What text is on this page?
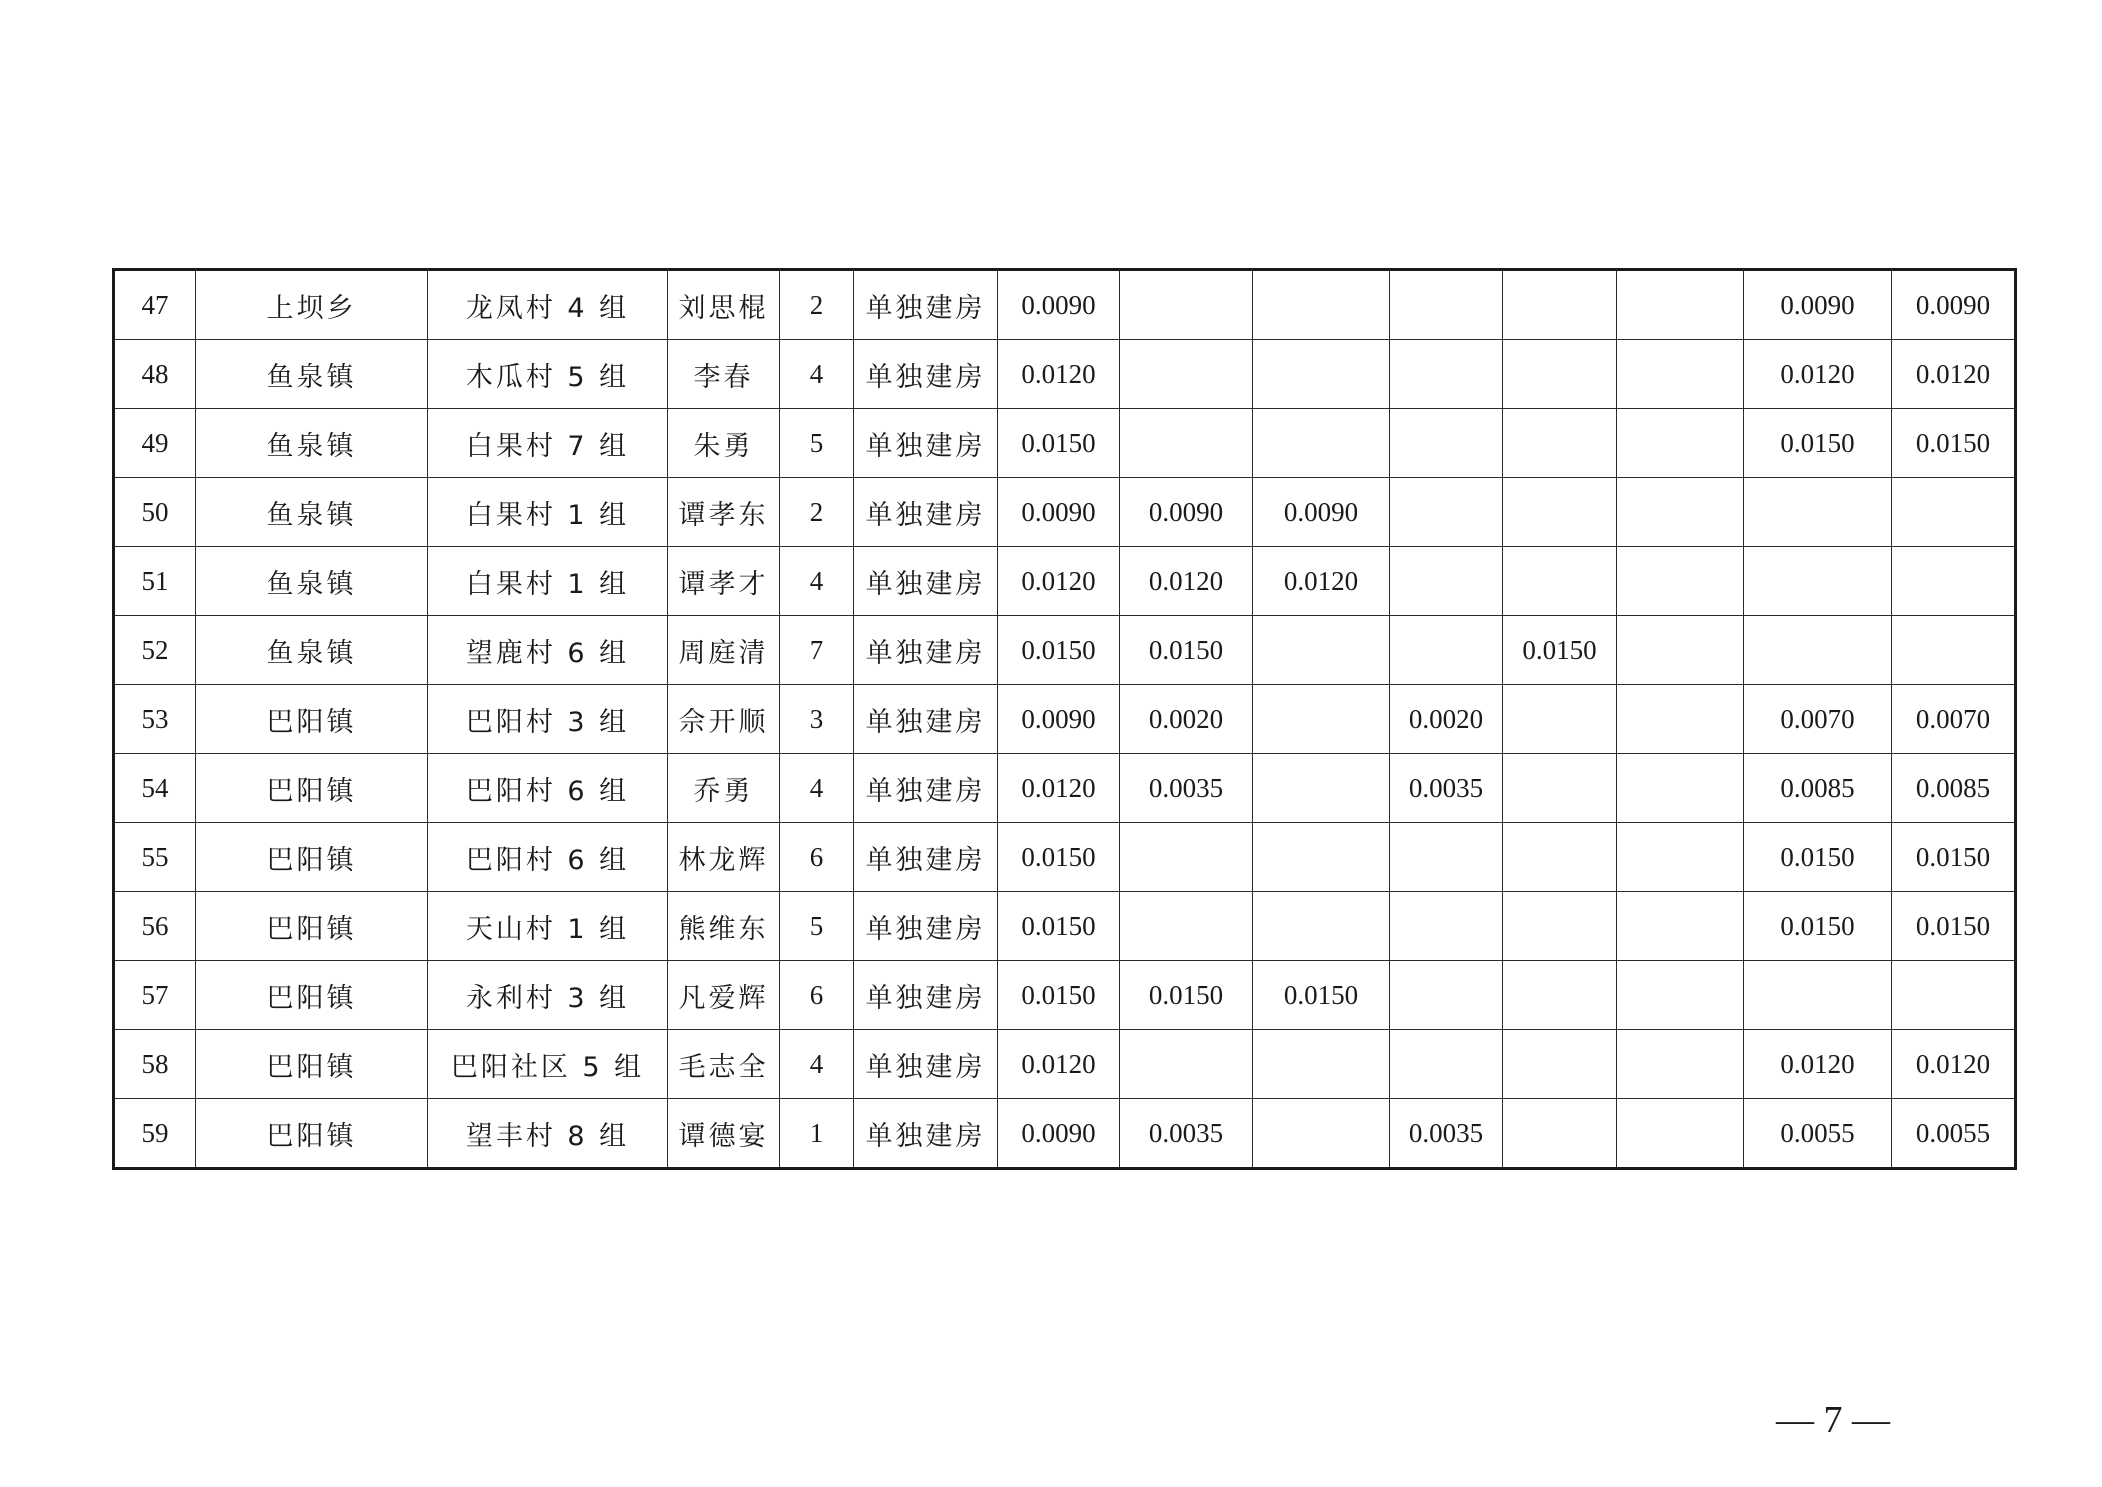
47	上坝乡	龙凤村 4 组	刘思棍	2	单独建房	0.0090						0.0090	0.0090
48	鱼泉镇	木瓜村 5 组	李春	4	单独建房	0.0120						0.0120	0.0120
49	鱼泉镇	白果村 7 组	朱勇	5	单独建房	0.0150						0.0150	0.0150
50	鱼泉镇	白果村 1 组	谭孝东	2	单独建房	0.0090	0.0090	0.0090					
51	鱼泉镇	白果村 1 组	谭孝才	4	单独建房	0.0120	0.0120	0.0120					
52	鱼泉镇	望鹿村 6 组	周庭清	7	单独建房	0.0150	0.0150			0.0150			
53	巴阳镇	巴阳村 3 组	佘开顺	3	单独建房	0.0090	0.0020		0.0020			0.0070	0.0070
54	巴阳镇	巴阳村 6 组	乔勇	4	单独建房	0.0120	0.0035		0.0035			0.0085	0.0085
55	巴阳镇	巴阳村 6 组	林龙辉	6	单独建房	0.0150						0.0150	0.0150
56	巴阳镇	天山村 1 组	熊维东	5	单独建房	0.0150						0.0150	0.0150
57	巴阳镇	永利村 3 组	凡爱辉	6	单独建房	0.0150	0.0150	0.0150					
58	巴阳镇	巴阳社区 5 组	毛志全	4	单独建房	0.0120						0.0120	0.0120
59	巴阳镇	望丰村 8 组	谭德宴	1	单独建房	0.0090	0.0035		0.0035			0.0055	0.0055
— 7 —
